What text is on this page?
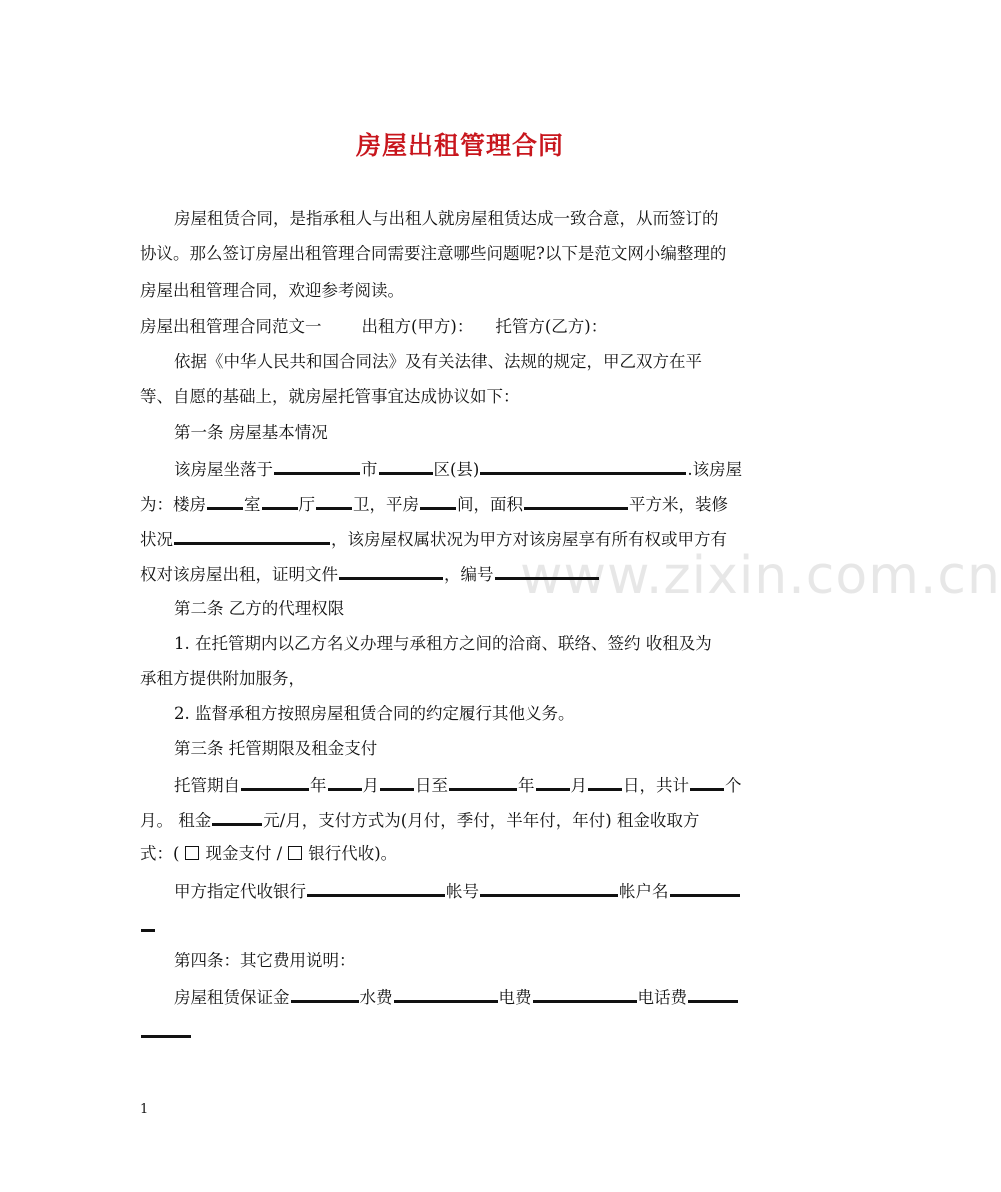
房屋出租管理合同
www.zixin.com.cn
房屋租赁合同，是指承租人与出租人就房屋租赁达成一致合意，从而签订的
协议。那么签订房屋出租管理合同需要注意哪些问题呢?以下是范文网小编整理的
房屋出租管理合同，欢迎参考阅读。
房屋出租管理合同范文一 出租方(甲方)： 托管方(乙方)：
依据《中华人民共和国合同法》及有关法律、法规的规定，甲乙双方在平
等、自愿的基础上，就房屋托管事宜达成协议如下：
第一条 房屋基本情况
该房屋坐落于	市	区(县)	.该房屋
为：楼房 室 厅 卫，平房 间，面积	平方米，装修
状况	，该房屋权属状况为甲方对该房屋享有所有权或甲方有
权对该房屋出租，证明文件	，编号
第二条 乙方的代理权限
1. 在托管期内以乙方名义办理与承租方之间的洽商、联络、签约 收租及为
承租方提供附加服务，
2. 监督承租方按照房屋租赁合同的约定履行其他义务。
第三条 托管期限及租金支付
托管期自	年 月 日至	年 月 日，共计 个
月。 租金	元/月，支付方式为(月付，季付，半年付，年付) 租金收取方
式：( 现金支付 / 银行代收)。
甲方指定代收银行	帐号	帐户名
第四条：其它费用说明：
房屋租赁保证金	水费	电费	电话费
1
